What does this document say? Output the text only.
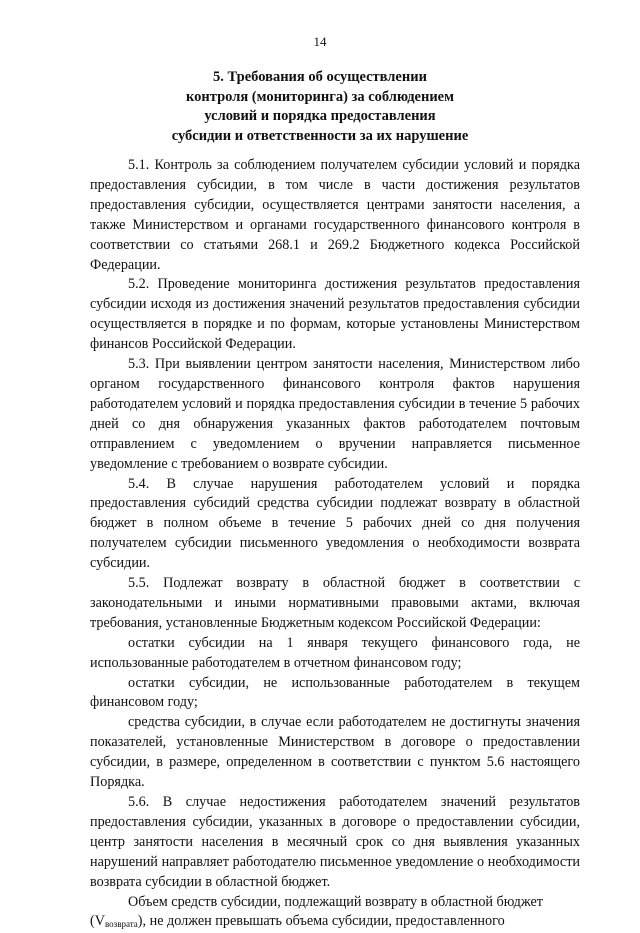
14
5. Требования об осуществлении
контроля (мониторинга) за соблюдением
условий и порядка предоставления
субсидии и ответственности за их нарушение

5.1. Контроль за соблюдением получателем субсидии условий и порядка предоставления субсидии, в том числе в части достижения результатов предоставления субсидии, осуществляется центрами занятости населения, а также Министерством и органами государственного финансового контроля в соответствии со статьями 268.1 и 269.2 Бюджетного кодекса Российской Федерации.

5.2. Проведение мониторинга достижения результатов предоставления субсидии исходя из достижения значений результатов предоставления субсидии осуществляется в порядке и по формам, которые установлены Министерством финансов Российской Федерации.

5.3. При выявлении центром занятости населения, Министерством либо органом государственного финансового контроля фактов нарушения работодателем условий и порядка предоставления субсидии в течение 5 рабочих дней со дня обнаружения указанных фактов работодателем почтовым отправлением с уведомлением о вручении направляется письменное уведомление с требованием о возврате субсидии.

5.4. В случае нарушения работодателем условий и порядка предоставления субсидий средства субсидии подлежат возврату в областной бюджет в полном объеме в течение 5 рабочих дней со дня получения получателем субсидии письменного уведомления о необходимости возврата субсидии.

5.5. Подлежат возврату в областной бюджет в соответствии с законодательными и иными нормативными правовыми актами, включая требования, установленные Бюджетным кодексом Российской Федерации:

остатки субсидии на 1 января текущего финансового года, не использованные работодателем в отчетном финансовом году;

остатки субсидии, не использованные работодателем в текущем финансовом году;

средства субсидии, в случае если работодателем не достигнуты значения показателей, установленные Министерством в договоре о предоставлении субсидии, в размере, определенном в соответствии с пунктом 5.6 настоящего Порядка.

5.6. В случае недостижения работодателем значений результатов предоставления субсидии, указанных в договоре о предоставлении субсидии, центр занятости населения в месячный срок со дня выявления указанных нарушений направляет работодателю письменное уведомление о необходимости возврата субсидии в областной бюджет.

Объем средств субсидии, подлежащий возврату в областной бюджет

(Vвозврата), не должен превышать объема субсидии, предоставленного
